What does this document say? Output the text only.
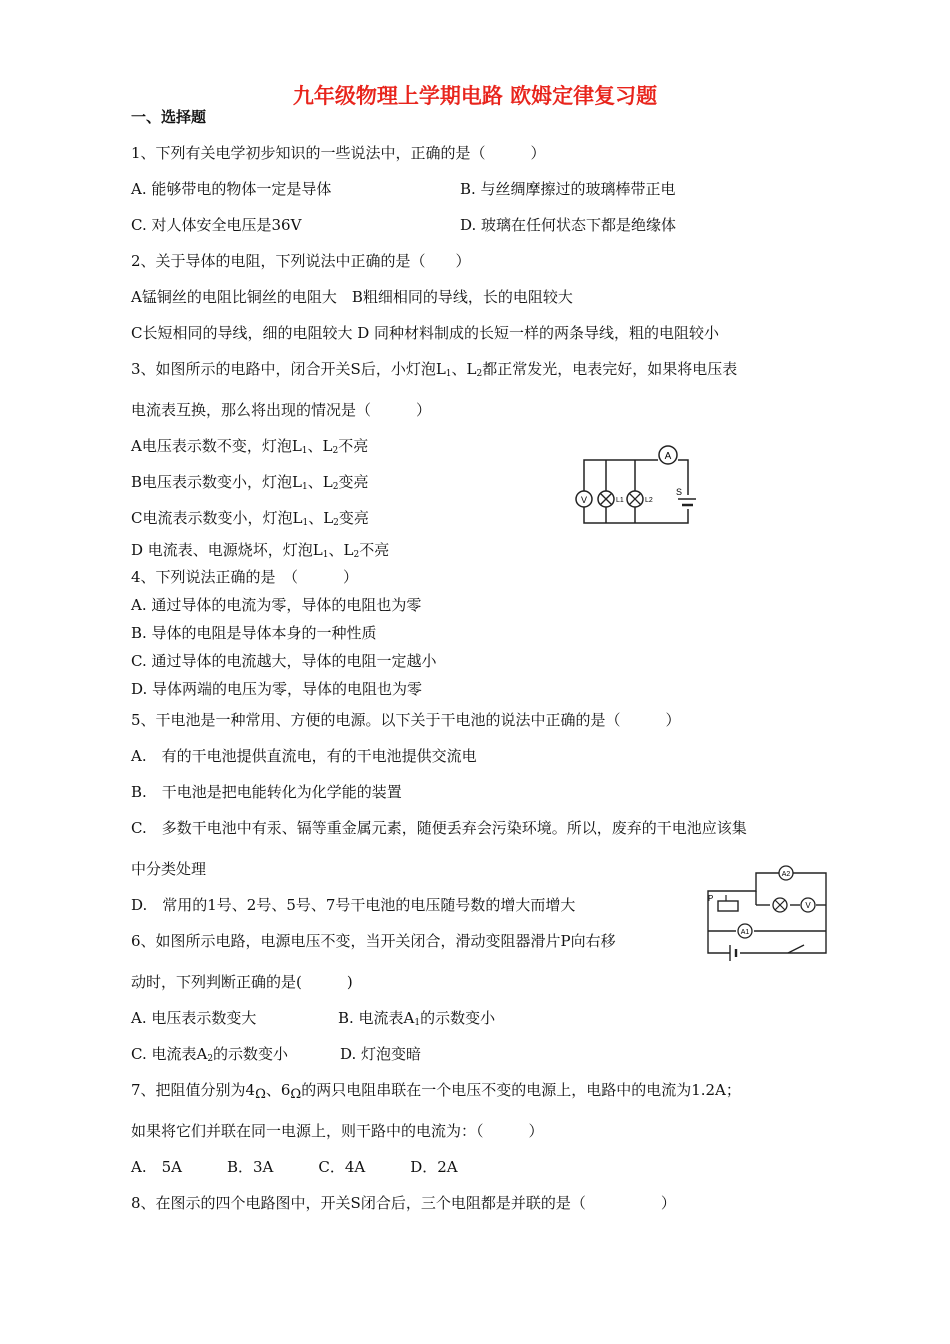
九年级物理上学期电路 欧姆定律复习题
一、选择题
1、下列有关电学初步知识的一些说法中，正确的是（　　　）
A. 能够带电的物体一定是导体	B. 与丝绸摩擦过的玻璃棒带正电
C. 对人体安全电压是36V	D. 玻璃在任何状态下都是绝缘体
2、关于导体的电阻，下列说法中正确的是（　　）
A锰铜丝的电阻比铜丝的电阻大　B粗细相同的导线，长的电阻较大
C长短相同的导线，细的电阻较大 D 同种材料制成的长短一样的两条导线，粗的电阻较小
3、如图所示的电路中，闭合开关S后，小灯泡$L_1$、$L_2$都正常发光，电表完好，如果将电压表
电流表互换，那么将出现的情况是（　　　）
A电压表示数不变，灯泡$L_1$、$L_2$不亮
B电压表示数变小，灯泡$L_1$、$L_2$变亮
C电流表示数变小，灯泡$L_1$、$L_2$变亮
D 电流表、电源烧坏，灯泡$L_1$、$L_2$不亮
A
V	L1	L2
S
4、下列说法正确的是　（　　　）
A. 通过导体的电流为零，导体的电阻也为零
B. 导体的电阻是导体本身的一种性质
C. 通过导体的电流越大，导体的电阻一定越小
D. 导体两端的电压为零，导体的电阻也为零
5、干电池是一种常用、方便的电源。以下关于干电池的说法中正确的是（　　　）
A.　有的干电池提供直流电，有的干电池提供交流电
B.　干电池是把电能转化为化学能的装置
C.　多数干电池中有汞、镉等重金属元素，随便丢弃会污染环境。所以，废弃的干电池应该集
中分类处理
D.　常用的1号、2号、5号、7号干电池的电压随号数的增大而增大	P
A2
V
A1
6、如图所示电路，电源电压不变，当开关闭合，滑动变阻器滑片P向右移
动时，下列判断正确的是(　　　)
A. 电压表示数变大	B. 电流表$A_1$的示数变小
C. 电流表$A_2$的示数变小	D. 灯泡变暗
7、把阻值分别为4Ω、6Ω的两只电阻串联在一个电压不变的电源上，电路中的电流为1.2A；
如果将它们并联在同一电源上，则干路中的电流为：（　　　）
A.　5A　　　B．3A　　　C．4A　　　D．2A
8、在图示的四个电路图中，开关S闭合后，三个电阻都是并联的是（　　　　　）
